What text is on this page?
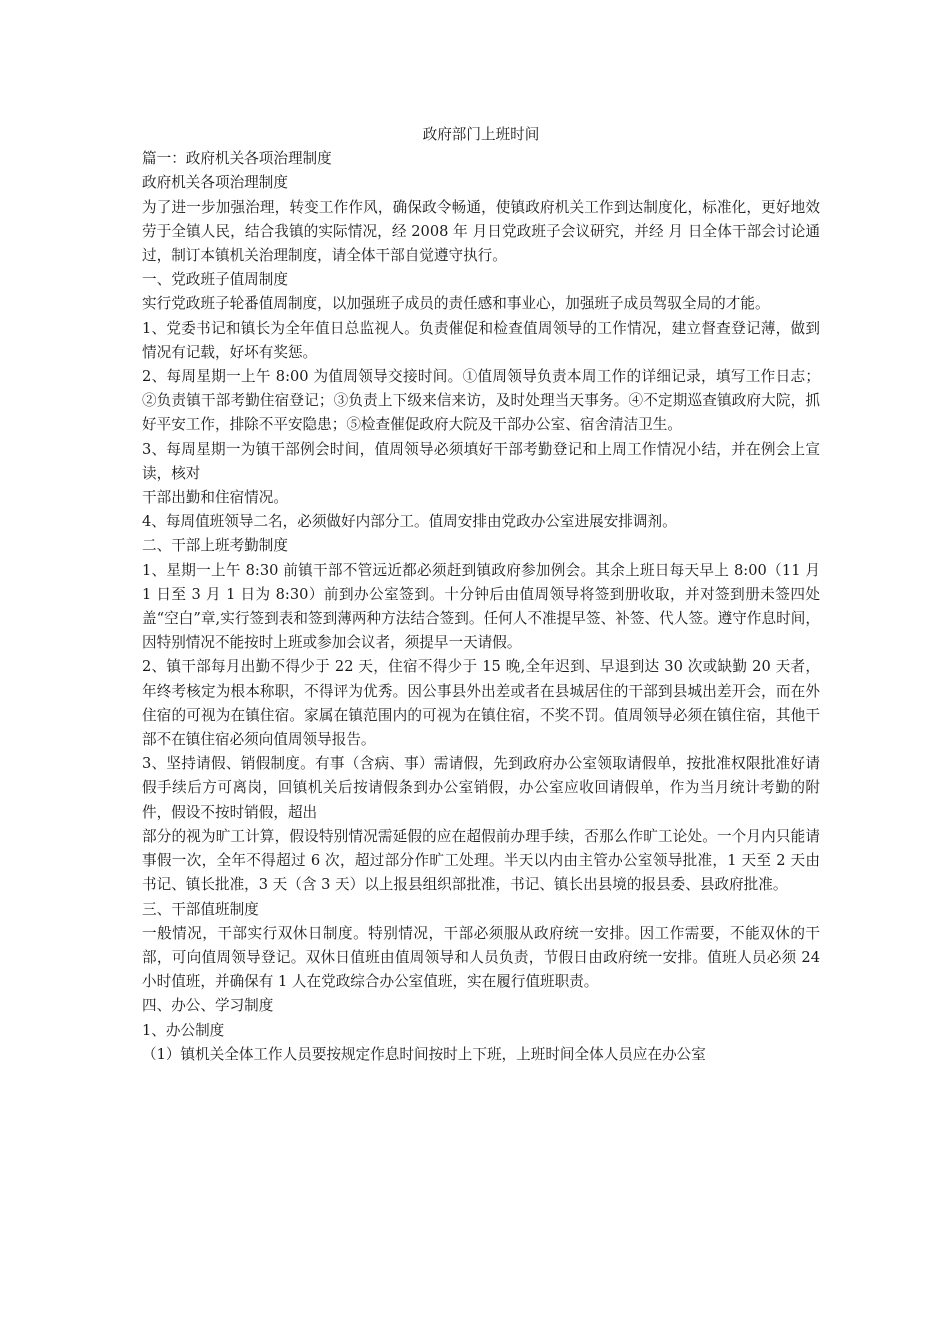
政府部门上班时间

篇一：政府机关各项治理制度

政府机关各项治理制度

为了进一步加强治理，转变工作作风，确保政令畅通，使镇政府机关工作到达制度化，标准化，更好地效劳于全镇人民，结合我镇的实际情况，经 2008 年 月日党政班子会议研究，并经 月 日全体干部会讨论通过，制订本镇机关治理制度，请全体干部自觉遵守执行。

一、党政班子值周制度

实行党政班子轮番值周制度，以加强班子成员的责任感和事业心，加强班子成员驾驭全局的才能。

1、党委书记和镇长为全年值日总监视人。负责催促和检查值周领导的工作情况，建立督查登记薄，做到情况有记载，好坏有奖惩。

2、每周星期一上午 8:00 为值周领导交接时间。①值周领导负责本周工作的详细记录，填写工作日志；②负责镇干部考勤住宿登记；③负责上下级来信来访，及时处理当天事务。④不定期巡查镇政府大院，抓好平安工作，排除不平安隐患；⑤检查催促政府大院及干部办公室、宿舍清洁卫生。

3、每周星期一为镇干部例会时间，值周领导必须填好干部考勤登记和上周工作情况小结，并在例会上宣读，核对

干部出勤和住宿情况。

4、每周值班领导二名，必须做好内部分工。值周安排由党政办公室进展安排调剂。

二、干部上班考勤制度

1、星期一上午 8:30 前镇干部不管远近都必须赶到镇政府参加例会。其余上班日每天早上 8:00（11 月 1 日至 3 月 1 日为 8:30）前到办公室签到。十分钟后由值周领导将签到册收取，并对签到册未签四处盖“空白”章,实行签到表和签到薄两种方法结合签到。任何人不准提早签、补签、代人签。遵守作息时间，因特别情况不能按时上班或参加会议者，须提早一天请假。

2、镇干部每月出勤不得少于 22 天，住宿不得少于 15 晚,全年迟到、早退到达 30 次或缺勤 20 天者，年终考核定为根本称职，不得评为优秀。因公事县外出差或者在县城居住的干部到县城出差开会，而在外住宿的可视为在镇住宿。家属在镇范围内的可视为在镇住宿，不奖不罚。值周领导必须在镇住宿，其他干部不在镇住宿必须向值周领导报告。

3、坚持请假、销假制度。有事（含病、事）需请假，先到政府办公室领取请假单，按批准权限批准好请假手续后方可离岗，回镇机关后按请假条到办公室销假，办公室应收回请假单，作为当月统计考勤的附件，假设不按时销假，超出

部分的视为旷工计算，假设特别情况需延假的应在超假前办理手续，否那么作旷工论处。一个月内只能请事假一次，全年不得超过 6 次，超过部分作旷工处理。半天以内由主管办公室领导批准，1 天至 2 天由书记、镇长批准，3 天（含 3 天）以上报县组织部批准，书记、镇长出县境的报县委、县政府批准。

三、干部值班制度

一般情况，干部实行双休日制度。特别情况，干部必须服从政府统一安排。因工作需要，不能双休的干部，可向值周领导登记。双休日值班由值周领导和人员负责，节假日由政府统一安排。值班人员必须 24 小时值班，并确保有 1 人在党政综合办公室值班，实在履行值班职责。

四、办公、学习制度

1、办公制度

（1）镇机关全体工作人员要按规定作息时间按时上下班，上班时间全体人员应在办公室
